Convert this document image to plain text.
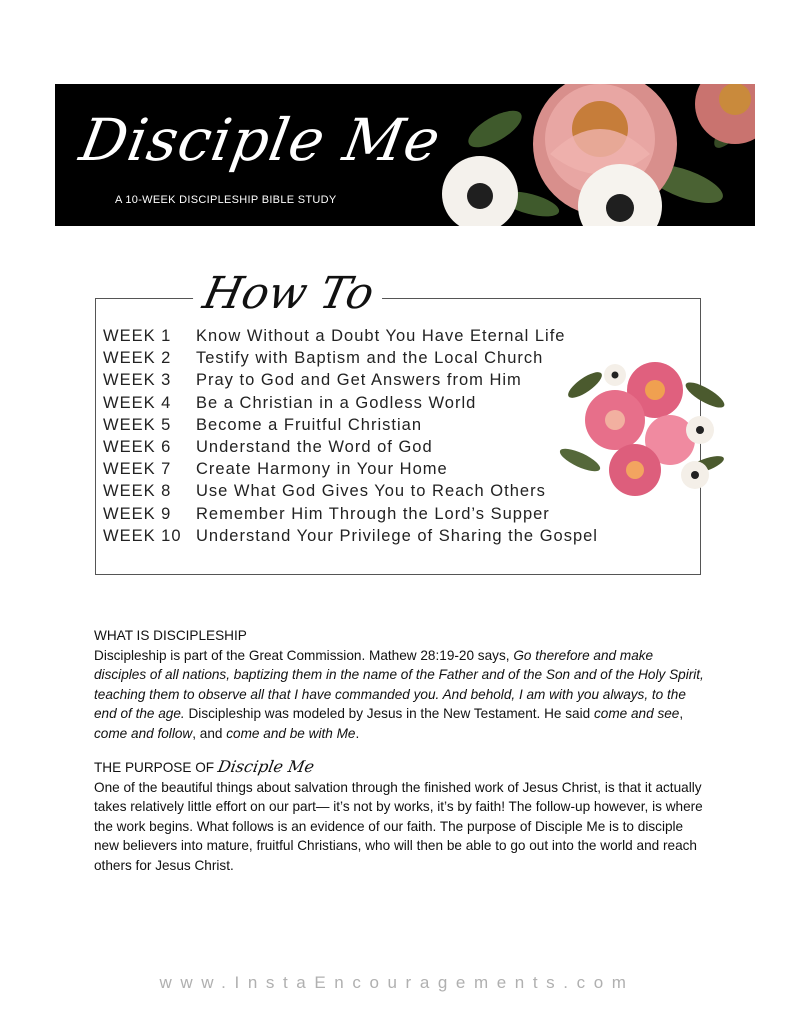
Disciple Me
A 10-WEEK DISCIPLESHIP BIBLE STUDY
How To
WEEK 1	Know Without a Doubt You Have Eternal Life
WEEK 2	Testify with Baptism and the Local Church
WEEK 3	Pray to God and Get Answers from Him
WEEK 4	Be a Christian in a Godless World
WEEK 5	Become a Fruitful Christian
WEEK 6	Understand the Word of God
WEEK 7	Create Harmony in Your Home
WEEK 8	Use What God Gives You to Reach Others
WEEK 9	Remember Him Through the Lord’s Supper
WEEK 10 Understand Your Privilege of Sharing the Gospel
WHAT IS DISCIPLESHIP
Discipleship is part of the Great Commission. Mathew 28:19-20 says, Go therefore and make disciples of all nations, baptizing them in the name of the Father and of the Son and of the Holy Spirit, teaching them to observe all that I have commanded you. And behold, I am with you always, to the end of the age. Discipleship was modeled by Jesus in the New Testament. He said come and see, come and follow, and come and be with Me.
THE PURPOSE OF Disciple Me
One of the beautiful things about salvation through the finished work of Jesus Christ, is that it actually takes relatively little effort on our part— it’s not by works, it’s by faith! The follow-up however, is where the work begins. What follows is an evidence of our faith. The purpose of Disciple Me is to disciple new believers into mature, fruitful Christians, who will then be able to go out into the world and reach others for Jesus Christ.
www.InstaEncouragements.com
